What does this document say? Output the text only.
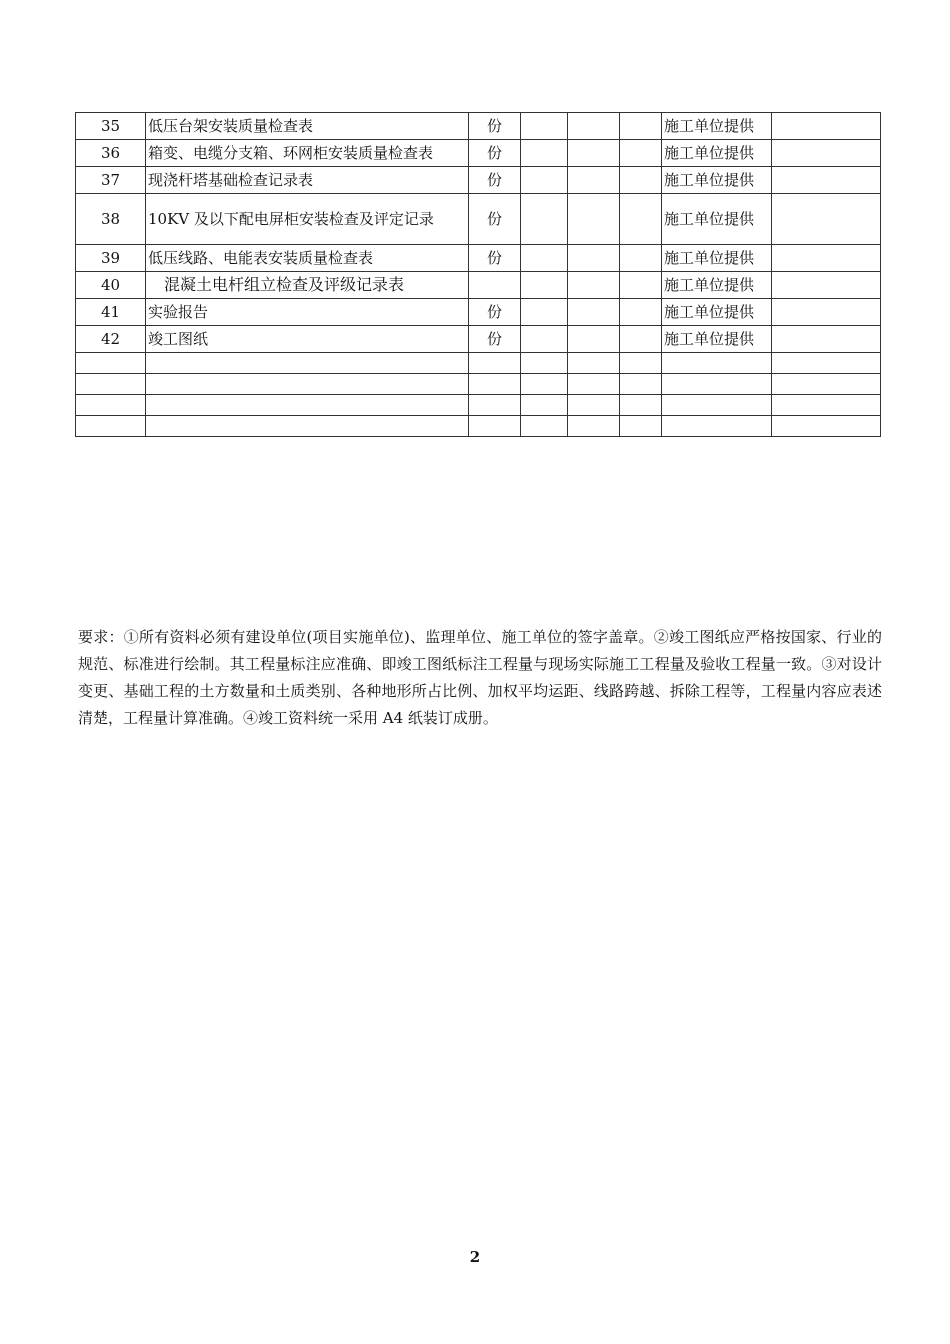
35	低压台架安装质量检查表	份				施工单位提供	
36	箱变、电缆分支箱、环网柜安装质量检查表	份				施工单位提供	
37	现浇杆塔基础检查记录表	份				施工单位提供	
38	10KV 及以下配电屏柜安装检查及评定记录	份				施工单位提供	
39	低压线路、电能表安装质量检查表	份				施工单位提供	
40	混凝土电杆组立检查及评级记录表					施工单位提供	
41	实验报告	份				施工单位提供	
42	竣工图纸	份				施工单位提供	

要求：①所有资料必须有建设单位(项目实施单位)、监理单位、施工单位的签字盖章。②竣工图纸应严格按国家、行业的规范、标准进行绘制。其工程量标注应准确、即竣工图纸标注工程量与现场实际施工工程量及验收工程量一致。③对设计变更、基础工程的土方数量和土质类别、各种地形所占比例、加权平均运距、线路跨越、拆除工程等，工程量内容应表述清楚，工程量计算准确。④竣工资料统一采用 A4 纸装订成册。

2
